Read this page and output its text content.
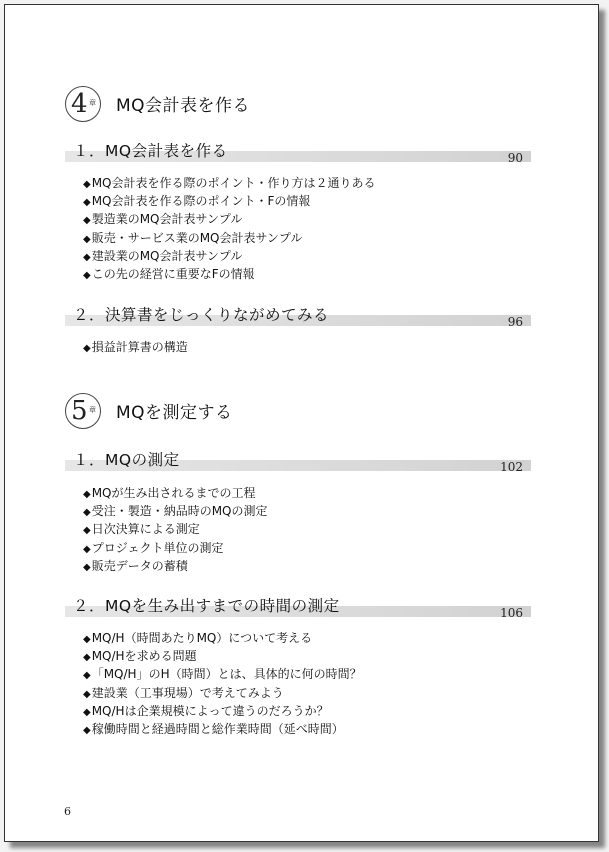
4 章 MQ会計表を作る
１．MQ会計表を作る	90
◆MQ会計表を作る際のポイント・作り方は２通りある
◆MQ会計表を作る際のポイント・Fの情報
◆製造業のMQ会計表サンプル
◆販売・サービス業のMQ会計表サンプル
◆建設業のMQ会計表サンプル
◆この先の経営に重要なFの情報
２．決算書をじっくりながめてみる	96
◆損益計算書の構造
5 章 MQを測定する
１．MQの測定	102
◆MQが生み出されるまでの工程
◆受注・製造・納品時のMQの測定
◆日次決算による測定
◆プロジェクト単位の測定
◆販売データの蓄積
２．MQを生み出すまでの時間の測定	106
◆MQ/H（時間あたりMQ）について考える
◆MQ/Hを求める問題
◆「MQ/H」のH（時間）とは、具体的に何の時間？
◆建設業（工事現場）で考えてみよう
◆MQ/Hは企業規模によって違うのだろうか？
◆稼働時間と経過時間と総作業時間（延べ時間）
6
